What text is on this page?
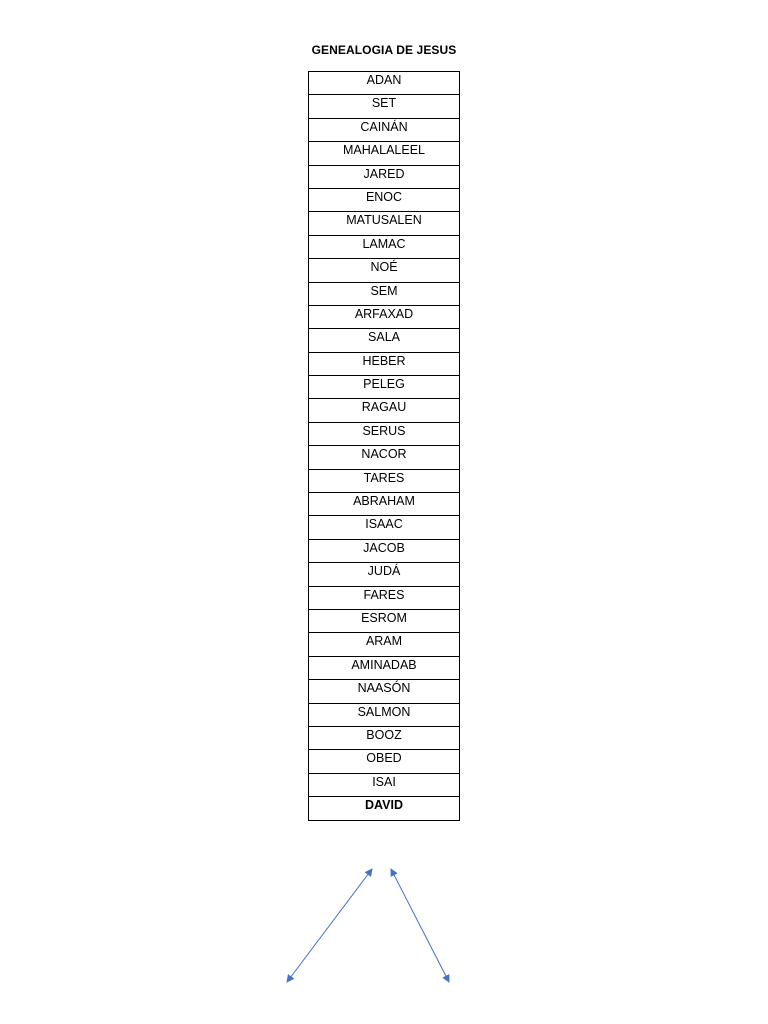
GENEALOGIA DE JESUS
ADAN
SET
CAINÁN
MAHALALEEL
JARED
ENOC
MATUSALEN
LAMAC
NOÉ
SEM
ARFAXAD
SALA
HEBER
PELEG
RAGAU
SERUS
NACOR
TARES
ABRAHAM
ISAAC
JACOB
JUDÁ
FARES
ESROM
ARAM
AMINADAB
NAASÓN
SALMON
BOOZ
OBED
ISAI
DAVID
